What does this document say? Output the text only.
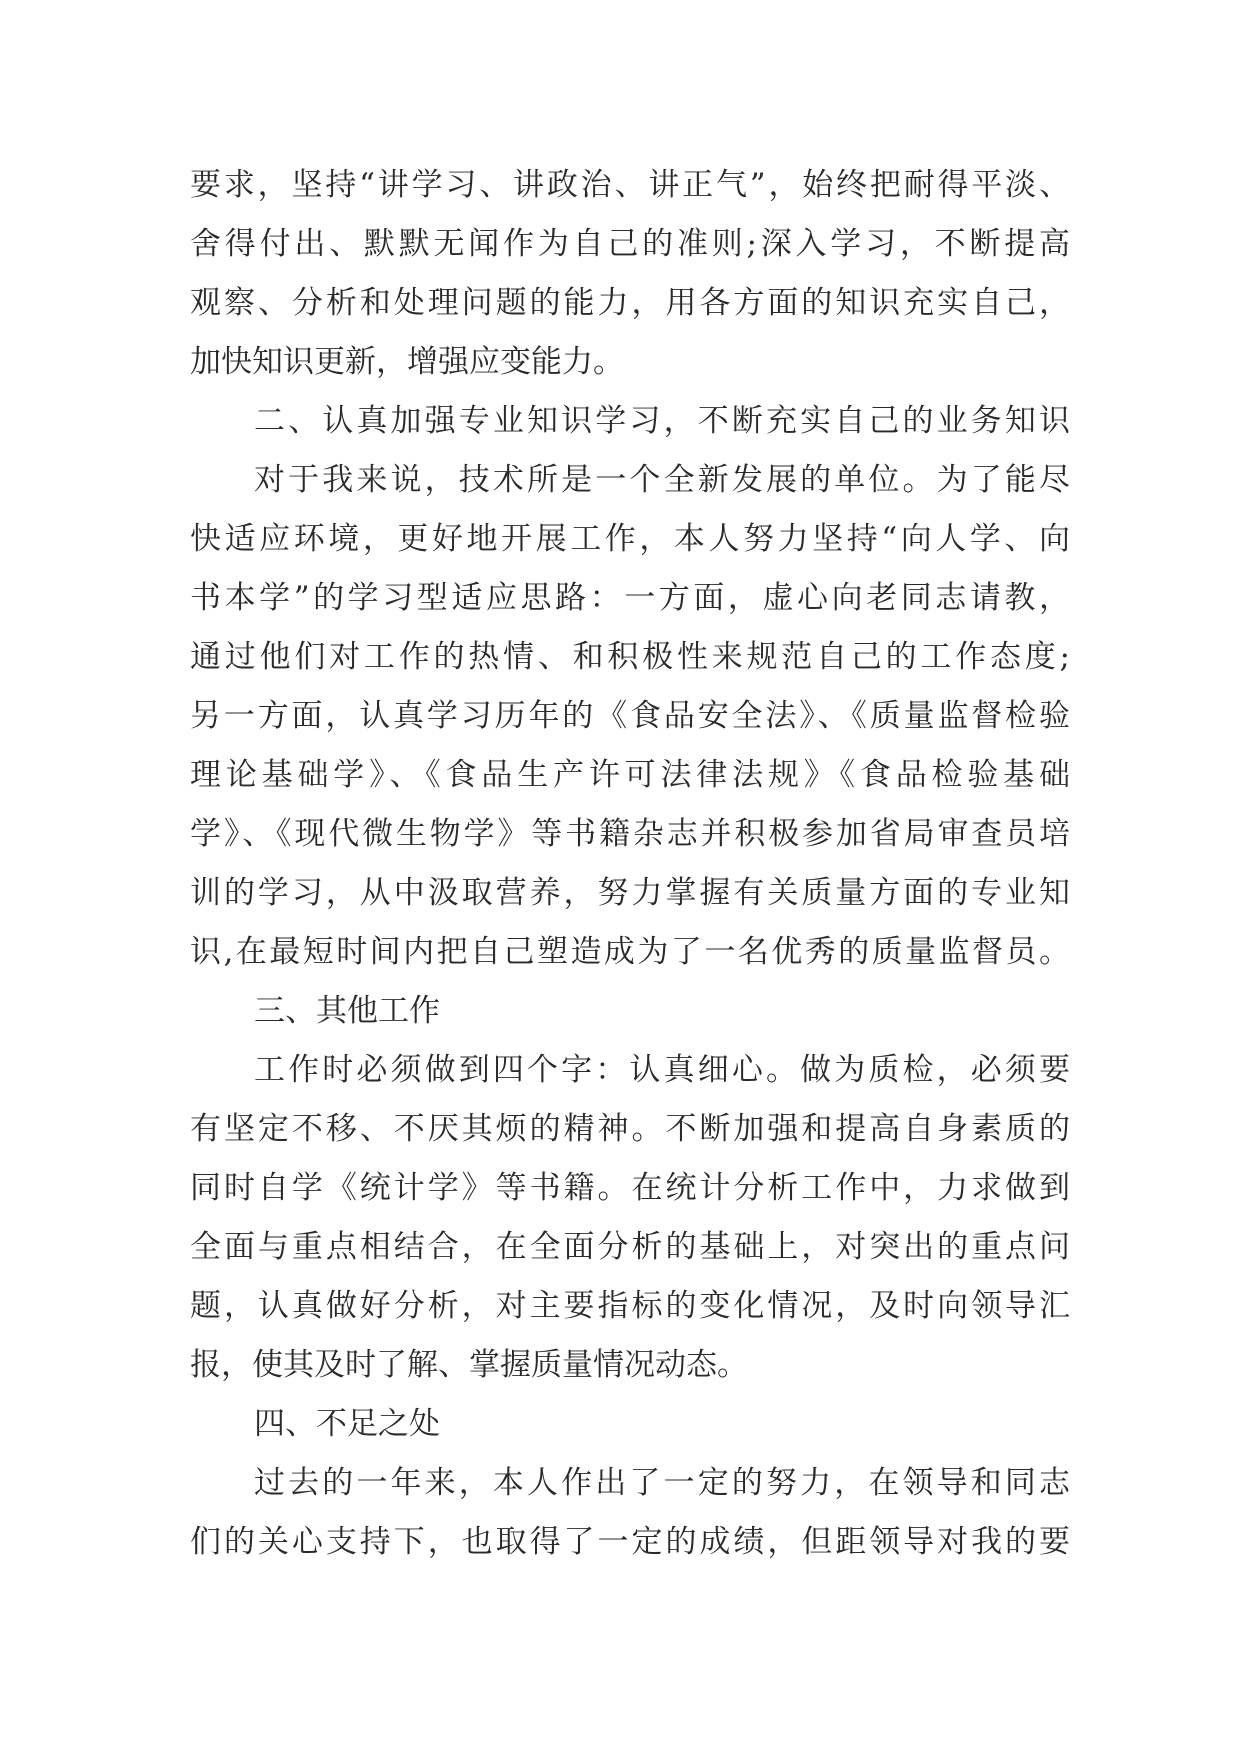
要求，坚持“讲学习、讲政治、讲正气”，始终把耐得平淡、
舍得付出、默默无闻作为自己的准则;深入学习，不断提高
观察、分析和处理问题的能力，用各方面的知识充实自己，
加快知识更新，增强应变能力。
二、认真加强专业知识学习，不断充实自己的业务知识
对于我来说，技术所是一个全新发展的单位。为了能尽
快适应环境，更好地开展工作，本人努力坚持“向人学、向
书本学”的学习型适应思路：一方面，虚心向老同志请教，
通过他们对工作的热情、和积极性来规范自己的工作态度;
另一方面，认真学习历年的《食品安全法》、《质量监督检验
理论基础学》、《食品生产许可法律法规》《食品检验基础
学》、《现代微生物学》等书籍杂志并积极参加省局审查员培
训的学习，从中汲取营养，努力掌握有关质量方面的专业知
识,在最短时间内把自己塑造成为了一名优秀的质量监督员。
三、其他工作
工作时必须做到四个字：认真细心。做为质检，必须要
有坚定不移、不厌其烦的精神。不断加强和提高自身素质的
同时自学《统计学》等书籍。在统计分析工作中，力求做到
全面与重点相结合，在全面分析的基础上，对突出的重点问
题，认真做好分析，对主要指标的变化情况，及时向领导汇
报，使其及时了解、掌握质量情况动态。
四、不足之处
过去的一年来，本人作出了一定的努力，在领导和同志
们的关心支持下，也取得了一定的成绩，但距领导对我的要
